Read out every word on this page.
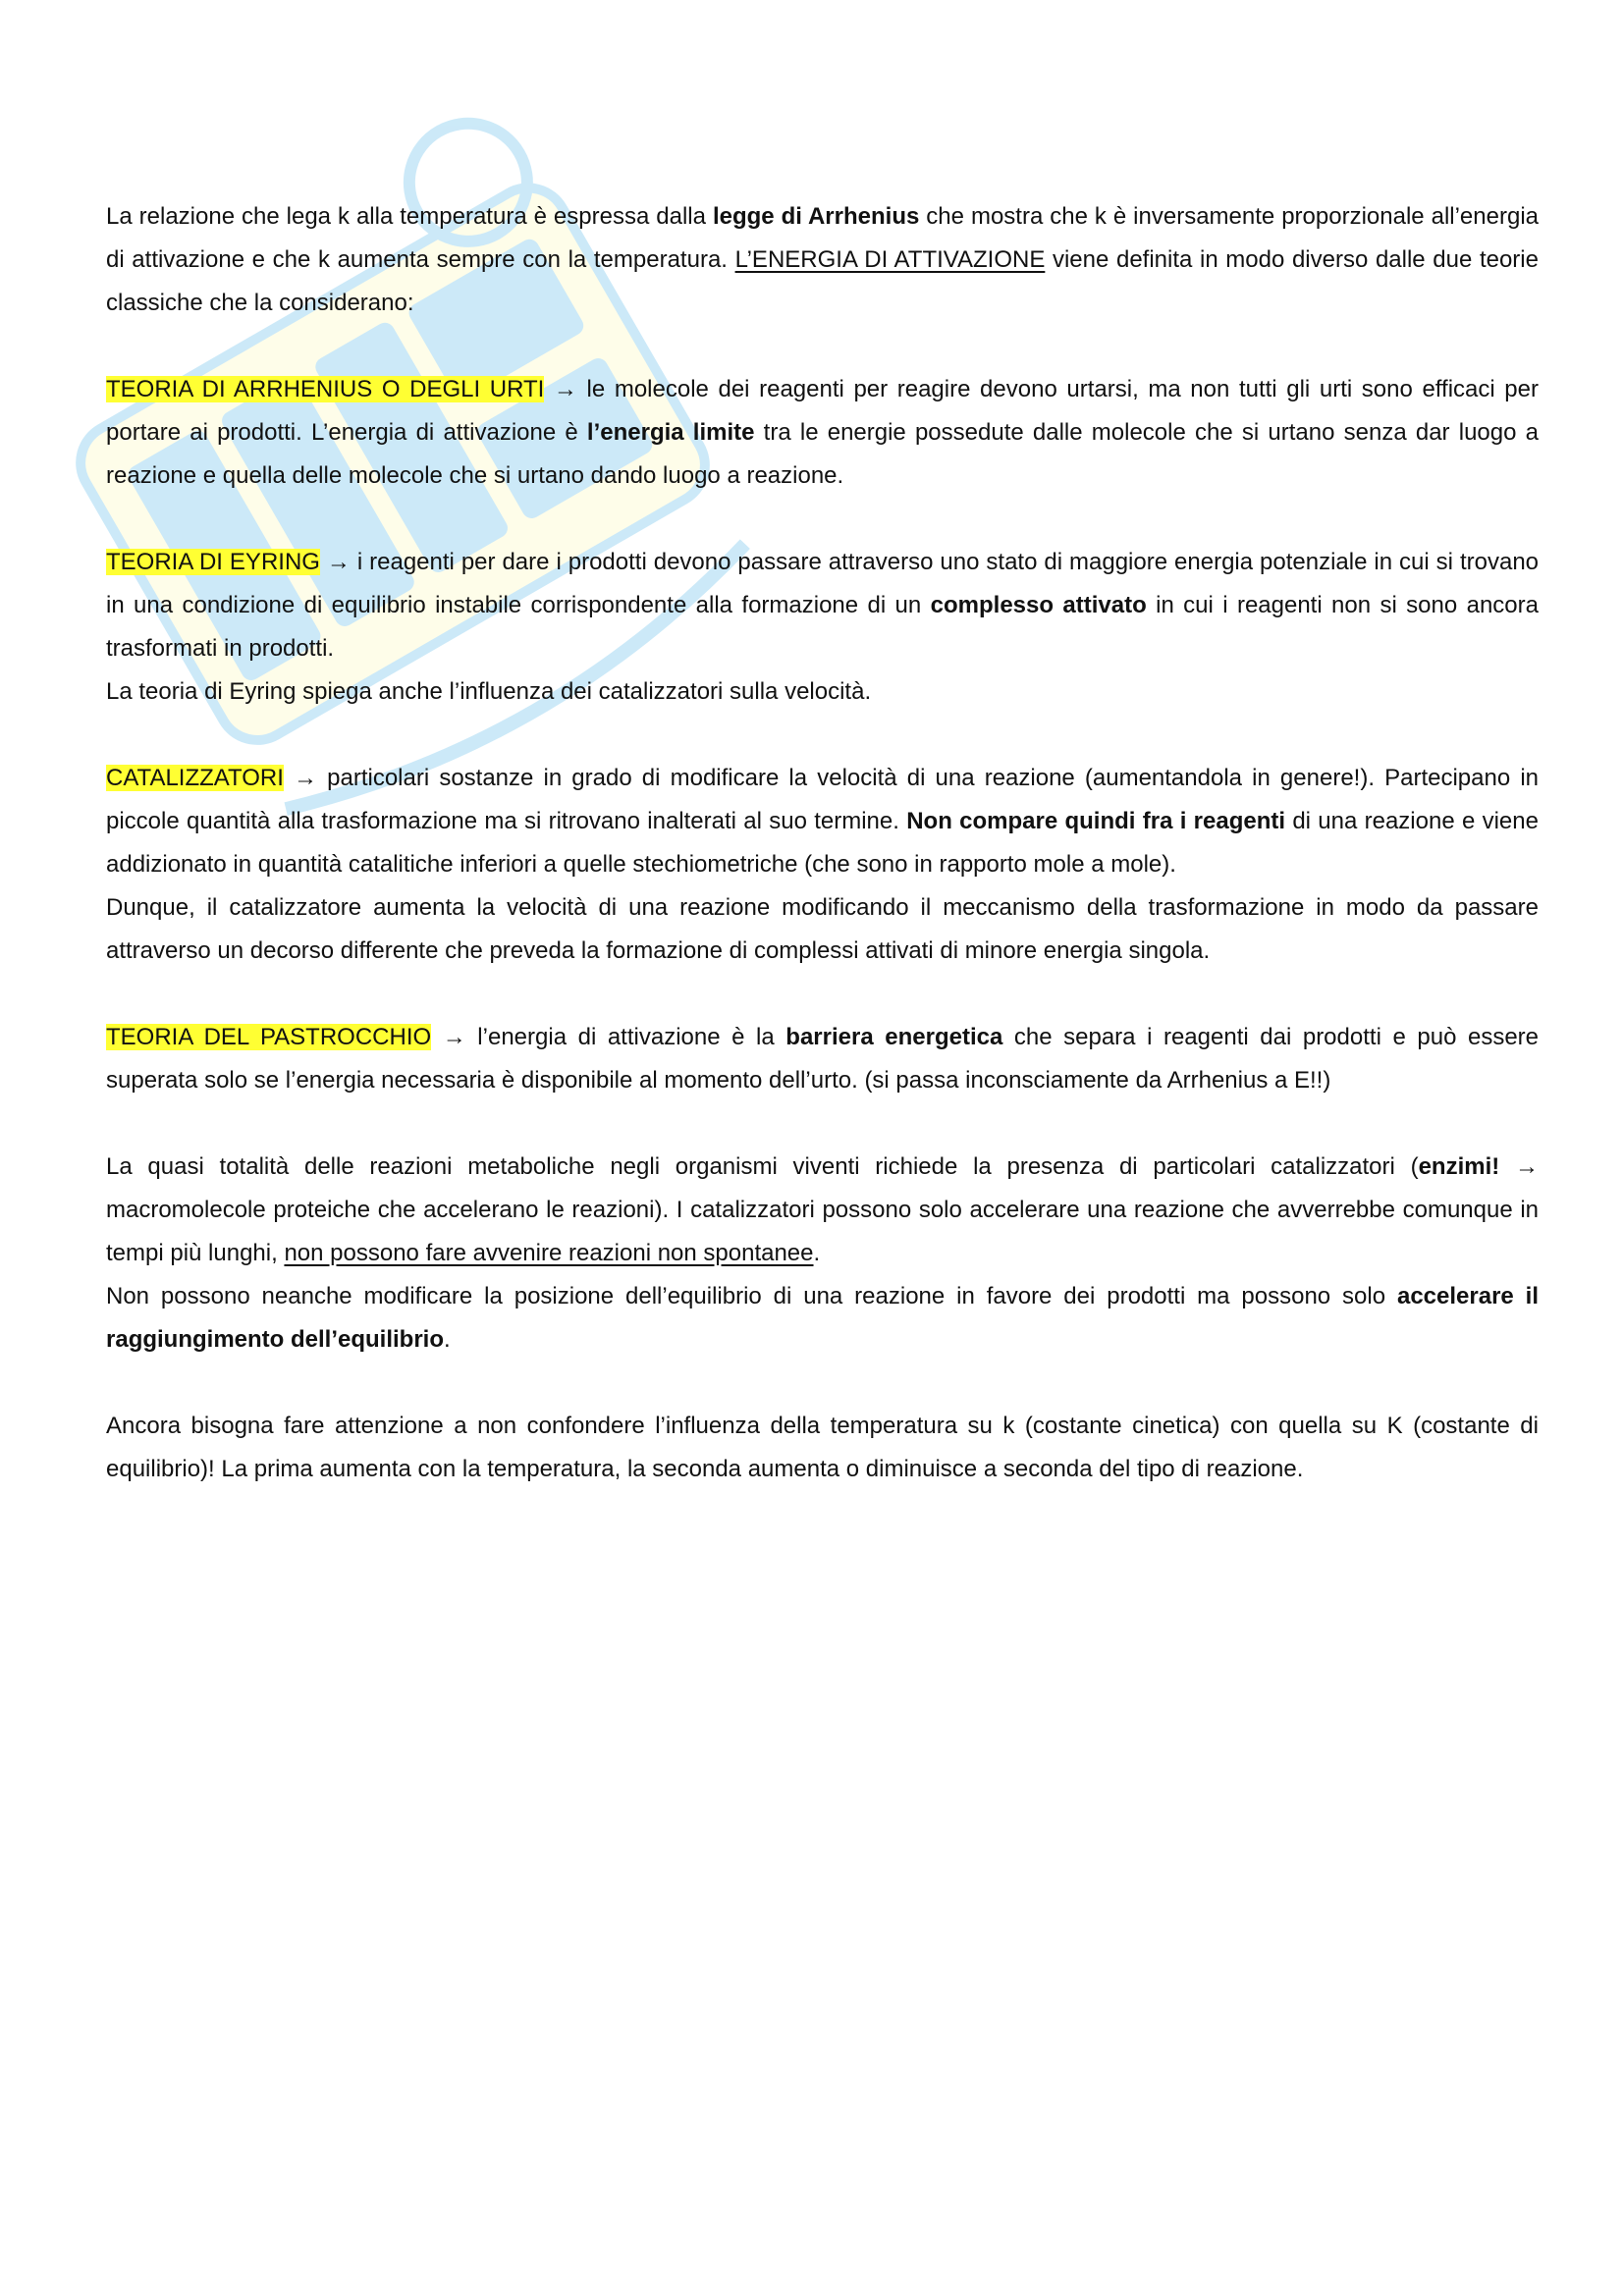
La relazione che lega k alla temperatura è espressa dalla legge di Arrhenius che mostra che k è inversamente proporzionale all’energia di attivazione e che k aumenta sempre con la temperatura. L’ENERGIA DI ATTIVAZIONE viene definita in modo diverso dalle due teorie classiche che la considerano:

TEORIA DI ARRHENIUS O DEGLI URTI → le molecole dei reagenti per reagire devono urtarsi, ma non tutti gli urti sono efficaci per portare ai prodotti. L’energia di attivazione è l’energia limite tra le energie possedute dalle molecole che si urtano senza dar luogo a reazione e quella delle molecole che si urtano dando luogo a reazione.

TEORIA DI EYRING → i reagenti per dare i prodotti devono passare attraverso uno stato di maggiore energia potenziale in cui si trovano in una condizione di equilibrio instabile corrispondente alla formazione di un complesso attivato in cui i reagenti non si sono ancora trasformati in prodotti.

La teoria di Eyring spiega anche l’influenza dei catalizzatori sulla velocità.

CATALIZZATORI → particolari sostanze in grado di modificare la velocità di una reazione (aumentandola in genere!). Partecipano in piccole quantità alla trasformazione ma si ritrovano inalterati al suo termine. Non compare quindi fra i reagenti di una reazione e viene addizionato in quantità catalitiche inferiori a quelle stechiometriche (che sono in rapporto mole a mole).

Dunque, il catalizzatore aumenta la velocità di una reazione modificando il meccanismo della trasformazione in modo da passare attraverso un decorso differente che preveda la formazione di complessi attivati di minore energia singola.

TEORIA DEL PASTROCCHIO → l’energia di attivazione è la barriera energetica che separa i reagenti dai prodotti e può essere superata solo se l’energia necessaria è disponibile al momento dell’urto. (si passa inconsciamente da Arrhenius a E!!)

La quasi totalità delle reazioni metaboliche negli organismi viventi richiede la presenza di particolari catalizzatori (enzimi! → macromolecole proteiche che accelerano le reazioni). I catalizzatori possono solo accelerare una reazione che avverrebbe comunque in tempi più lunghi, non possono fare avvenire reazioni non spontanee.

Non possono neanche modificare la posizione dell’equilibrio di una reazione in favore dei prodotti ma possono solo accelerare il raggiungimento dell’equilibrio.

Ancora bisogna fare attenzione a non confondere l’influenza della temperatura su k (costante cinetica) con quella su K (costante di equilibrio)! La prima aumenta con la temperatura, la seconda aumenta o diminuisce a seconda del tipo di reazione.
